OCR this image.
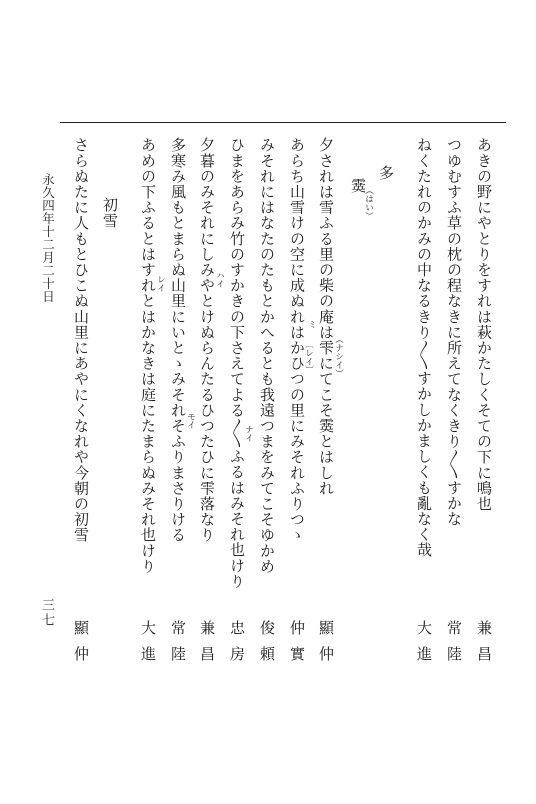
あきの野にやとりをすれは萩かたしくそての下に鳴也
兼昌
つゆむすふ草の枕の程なきに所えてなくきり〳〵すかな
常陸
ねくたれのかみの中なるきり〳〵すかしかましくも亂なく哉
大進
多
霙
夕されは雪ふる里の柴の庵は雫にてこそ霙とはしれ
顯仲
あらち山雪けの空に成ぬれはかひつの里にみそれふりつゝ
仲實
みそれにはなたのたもとかへるとも我遠つまをみてこそゆかめ
俊頼
ひまをあらみ竹のすかきの下さえてよる〳〵ふるはみそれ也けり
忠房
夕暮のみそれにしみやとけぬらんたるひつたひに雫落なり
兼昌
多寒み風もとまらぬ山里にいとゝみそれそふりまさりける
常陸
あめの下ふるとはすれとはかなきは庭にたまらぬみそれ也けり
大進
初雪
さらぬたに人もとひこぬ山里にあやにくなれや今朝の初雪
顯仲
永久四年十二月二十日	（はい）
（ナシイ）
ミ
〔レイ〕
ナイ
ハイ
モイ
レイ
三七
